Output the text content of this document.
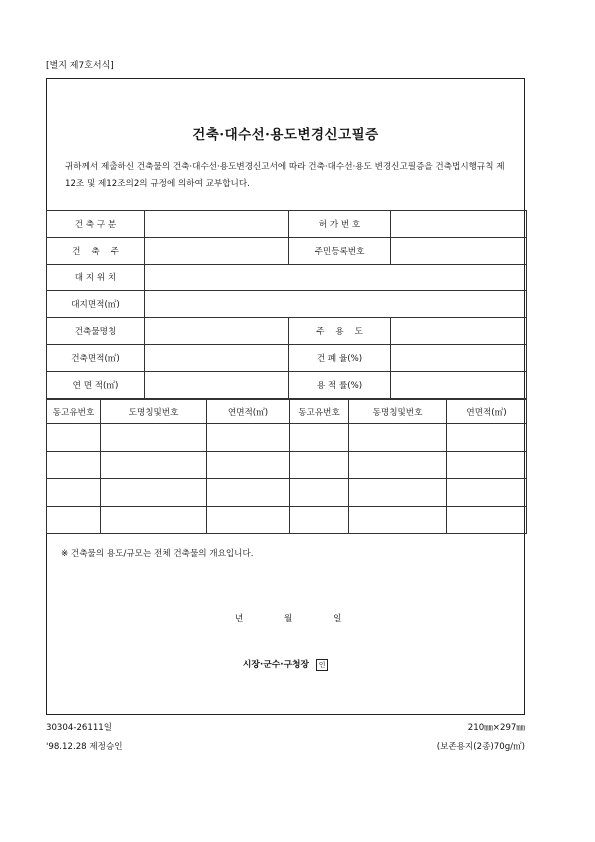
[별지 제7호서식]
건축·대수선·용도변경신고필증
귀하께서 제출하신 건축물의 건축·대수선·용도변경신고서에 따라 건축·대수선·용도 변경신고필증을 건축법시행규칙 제12조 및 제12조의2의 규정에 의하여 교부합니다.
건 축 구 분		허 가 번 호	
건    축    주		주민등록번호	
대 지 위 치			
대지면적(㎡)			
건축물명칭		주    용    도	
건축면적(㎡)		건 폐 율(%)	
연 면 적(㎡)		용 적 률(%)	
동고유번호	도명칭및번호	연면적(㎡)	동고유번호	동명칭및번호	연면적(㎡)

※ 건축물의 용도/규모는 전체 건축물의 개요입니다.
년	월	일
시장·군수·구청장 인
30304-26111일
'98.12.28 제정승인
210㎜×297㎜
(보존용지(2종)70g/㎡)
